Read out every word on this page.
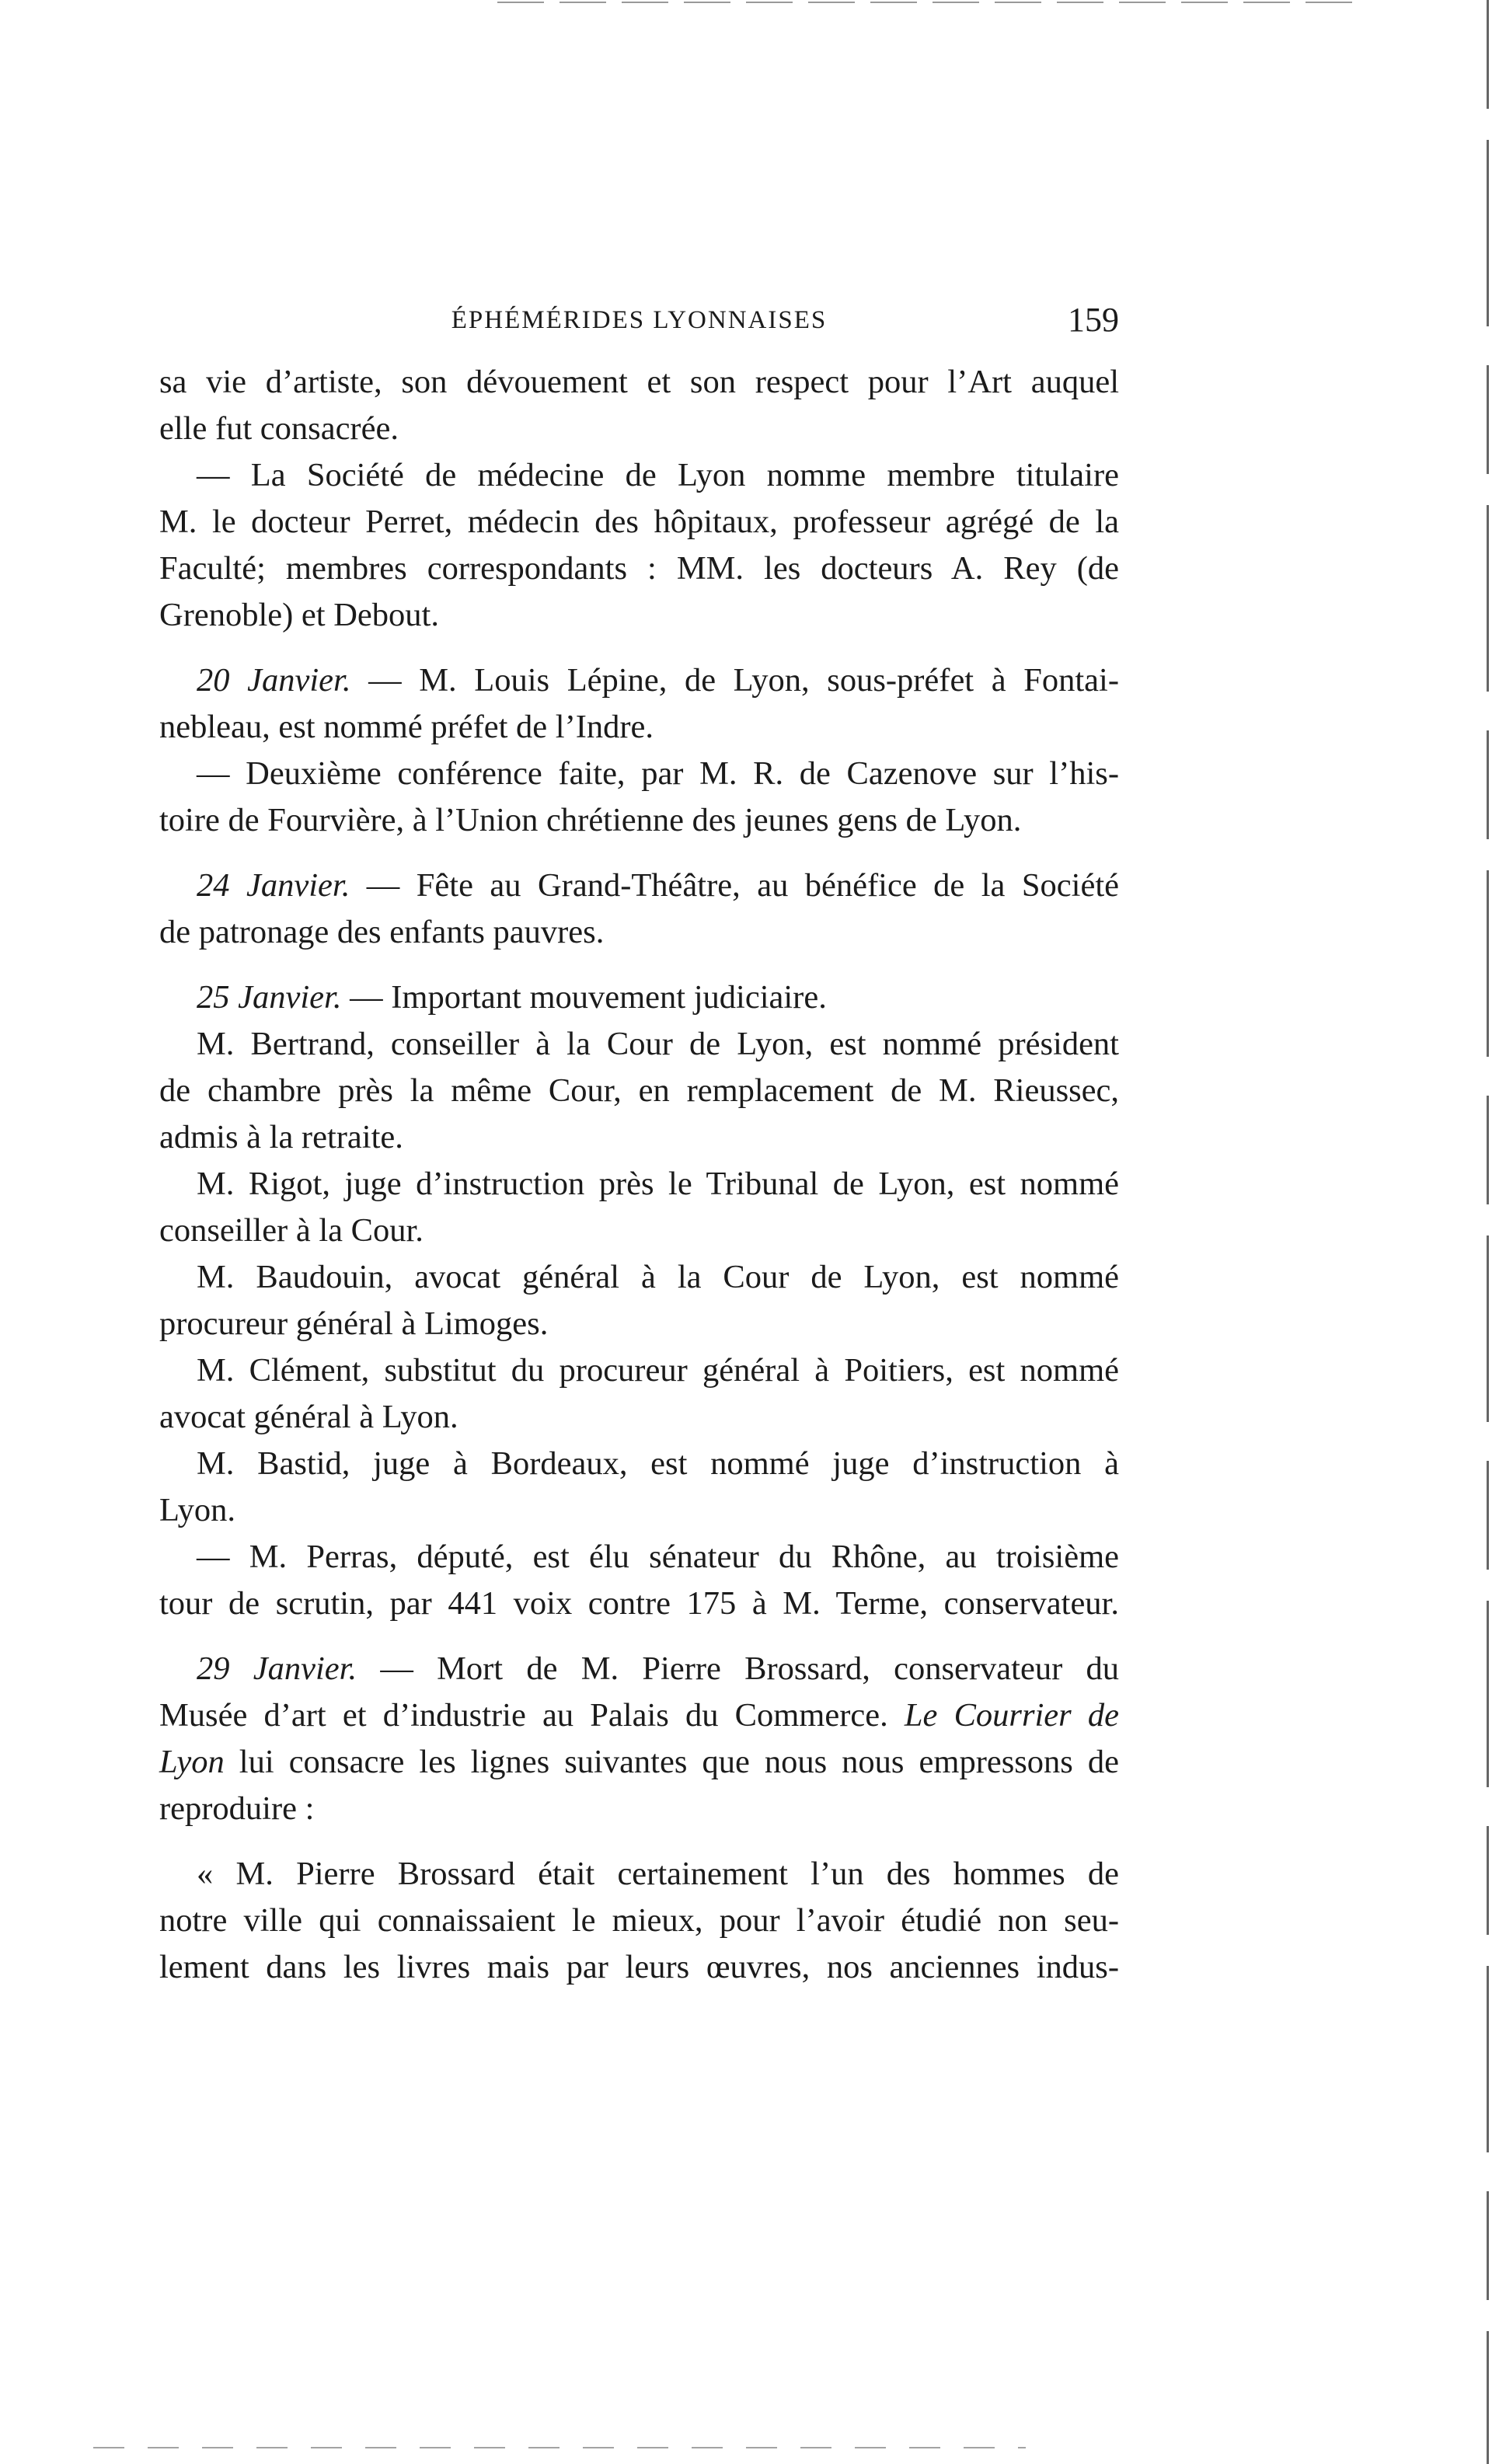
ÉPHÉMÉRIDES LYONNAISES	159
sa vie d’artiste, son dévouement et son respect pour l’Art auquel
elle fut consacrée.
— La Société de médecine de Lyon nomme membre titulaire
M. le docteur Perret, médecin des hôpitaux, professeur agrégé de la
Faculté; membres correspondants : MM. les docteurs A. Rey (de
Grenoble) et Debout.
20 Janvier. — M. Louis Lépine, de Lyon, sous-préfet à Fontai-
nebleau, est nommé préfet de l’Indre.
— Deuxième conférence faite, par M. R. de Cazenove sur l’his-
toire de Fourvière, à l’Union chrétienne des jeunes gens de Lyon.
24 Janvier. — Fête au Grand-Théâtre, au bénéfice de la Société
de patronage des enfants pauvres.
25 Janvier. — Important mouvement judiciaire.
M. Bertrand, conseiller à la Cour de Lyon, est nommé président
de chambre près la même Cour, en remplacement de M. Rieussec,
admis à la retraite.
M. Rigot, juge d’instruction près le Tribunal de Lyon, est nommé
conseiller à la Cour.
M. Baudouin, avocat général à la Cour de Lyon, est nommé
procureur général à Limoges.
M. Clément, substitut du procureur général à Poitiers, est nommé
avocat général à Lyon.
M. Bastid, juge à Bordeaux, est nommé juge d’instruction à
Lyon.
— M. Perras, député, est élu sénateur du Rhône, au troisième
tour de scrutin, par 441 voix contre 175 à M. Terme, conservateur.
29 Janvier. — Mort de M. Pierre Brossard, conservateur du
Musée d’art et d’industrie au Palais du Commerce. Le Courrier de
Lyon lui consacre les lignes suivantes que nous nous empressons de
reproduire :
« M. Pierre Brossard était certainement l’un des hommes de
notre ville qui connaissaient le mieux, pour l’avoir étudié non seu-
lement dans les livres mais par leurs œuvres, nos anciennes indus-
